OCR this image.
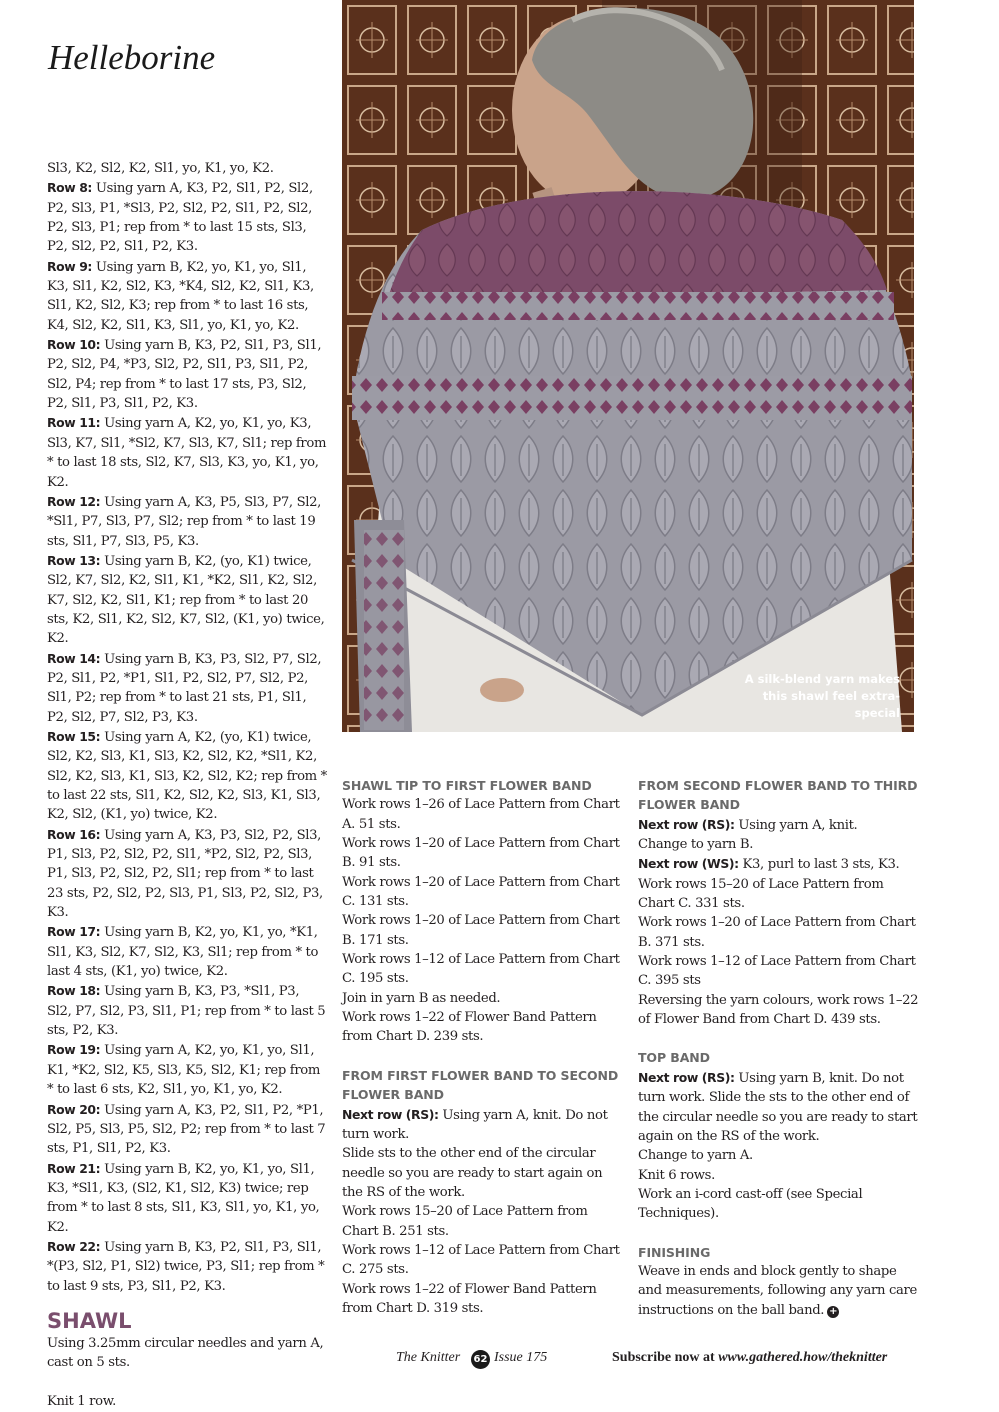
Helleborine

Sl3, K2, Sl2, K2, Sl1, yo, K1, yo, K2.

Row 8: Using yarn A, K3, P2, Sl1, P2, Sl2, P2, Sl3, P1, *Sl3, P2, Sl2, P2, Sl1, P2, Sl2, P2, Sl3, P1; rep from * to last 15 sts, Sl3, P2, Sl2, P2, Sl1, P2, K3.

Row 9: Using yarn B, K2, yo, K1, yo, Sl1, K3, Sl1, K2, Sl2, K3, *K4, Sl2, K2, Sl1, K3, Sl1, K2, Sl2, K3; rep from * to last 16 sts, K4, Sl2, K2, Sl1, K3, Sl1, yo, K1, yo, K2.

Row 10: Using yarn B, K3, P2, Sl1, P3, Sl1, P2, Sl2, P4, *P3, Sl2, P2, Sl1, P3, Sl1, P2, Sl2, P4; rep from * to last 17 sts, P3, Sl2, P2, Sl1, P3, Sl1, P2, K3.

Row 11: Using yarn A, K2, yo, K1, yo, K3, Sl3, K7, Sl1, *Sl2, K7, Sl3, K7, Sl1; rep from * to last 18 sts, Sl2, K7, Sl3, K3, yo, K1, yo, K2.

Row 12: Using yarn A, K3, P5, Sl3, P7, Sl2, *Sl1, P7, Sl3, P7, Sl2; rep from * to last 19 sts, Sl1, P7, Sl3, P5, K3.

Row 13: Using yarn B, K2, (yo, K1) twice, Sl2, K7, Sl2, K2, Sl1, K1, *K2, Sl1, K2, Sl2, K7, Sl2, K2, Sl1, K1; rep from * to last 20 sts, K2, Sl1, K2, Sl2, K7, Sl2, (K1, yo) twice, K2.

Row 14: Using yarn B, K3, P3, Sl2, P7, Sl2, P2, Sl1, P2, *P1, Sl1, P2, Sl2, P7, Sl2, P2, Sl1, P2; rep from * to last 21 sts, P1, Sl1, P2, Sl2, P7, Sl2, P3, K3.

Row 15: Using yarn A, K2, (yo, K1) twice, Sl2, K2, Sl3, K1, Sl3, K2, Sl2, K2, *Sl1, K2, Sl2, K2, Sl3, K1, Sl3, K2, Sl2, K2; rep from * to last 22 sts, Sl1, K2, Sl2, K2, Sl3, K1, Sl3, K2, Sl2, (K1, yo) twice, K2.

Row 16: Using yarn A, K3, P3, Sl2, P2, Sl3, P1, Sl3, P2, Sl2, P2, Sl1, *P2, Sl2, P2, Sl3, P1, Sl3, P2, Sl2, P2, Sl1; rep from * to last 23 sts, P2, Sl2, P2, Sl3, P1, Sl3, P2, Sl2, P3, K3.

Row 17: Using yarn B, K2, yo, K1, yo, *K1, Sl1, K3, Sl2, K7, Sl2, K3, Sl1; rep from * to last 4 sts, (K1, yo) twice, K2.

Row 18: Using yarn B, K3, P3, *Sl1, P3, Sl2, P7, Sl2, P3, Sl1, P1; rep from * to last 5 sts, P2, K3.

Row 19: Using yarn A, K2, yo, K1, yo, Sl1, K1, *K2, Sl2, K5, Sl3, K5, Sl2, K1; rep from * to last 6 sts, K2, Sl1, yo, K1, yo, K2.

Row 20: Using yarn A, K3, P2, Sl1, P2, *P1, Sl2, P5, Sl3, P5, Sl2, P2; rep from * to last 7 sts, P1, Sl1, P2, K3.

Row 21: Using yarn B, K2, yo, K1, yo, Sl1, K3, *Sl1, K3, (Sl2, K1, Sl2, K3) twice; rep from * to last 8 sts, Sl1, K3, Sl1, yo, K1, yo, K2.

Row 22: Using yarn B, K3, P2, Sl1, P3, Sl1, *(P3, Sl2, P1, Sl2) twice, P3, Sl1; rep from * to last 9 sts, P3, Sl1, P2, K3.

SHAWL

Using 3.25mm circular needles and yarn A, cast on 5 sts.

Knit 1 row.

A silk-blend yarn makes this shawl feel extra-special

SHAWL TIP TO FIRST FLOWER BAND

Work rows 1–26 of Lace Pattern from Chart A. 51 sts.

Work rows 1–20 of Lace Pattern from Chart B. 91 sts.

Work rows 1–20 of Lace Pattern from Chart C. 131 sts.

Work rows 1–20 of Lace Pattern from Chart B. 171 sts.

Work rows 1–12 of Lace Pattern from Chart C. 195 sts.

Join in yarn B as needed.

Work rows 1–22 of Flower Band Pattern from Chart D. 239 sts.

FROM FIRST FLOWER BAND TO SECOND FLOWER BAND

Next row (RS): Using yarn A, knit. Do not turn work.

Slide sts to the other end of the circular needle so you are ready to start again on the RS of the work.

Work rows 15–20 of Lace Pattern from Chart B. 251 sts.

Work rows 1–12 of Lace Pattern from Chart C. 275 sts.

Work rows 1–22 of Flower Band Pattern from Chart D. 319 sts.

FROM SECOND FLOWER BAND TO THIRD FLOWER BAND

Next row (RS): Using yarn A, knit.

Change to yarn B.

Next row (WS): K3, purl to last 3 sts, K3.

Work rows 15–20 of Lace Pattern from Chart C. 331 sts.

Work rows 1–20 of Lace Pattern from Chart B. 371 sts.

Work rows 1–12 of Lace Pattern from Chart C. 395 sts

Reversing the yarn colours, work rows 1–22 of Flower Band from Chart D. 439 sts.

TOP BAND

Next row (RS): Using yarn B, knit. Do not turn work. Slide the sts to the other end of the circular needle so you are ready to start again on the RS of the work.

Change to yarn A.

Knit 6 rows.

Work an i-cord cast-off (see Special Techniques).

FINISHING

Weave in ends and block gently to shape and measurements, following any yarn care instructions on the ball band. +

The Knitter 62 Issue 175	Subscribe now at www.gathered.how/theknitter
